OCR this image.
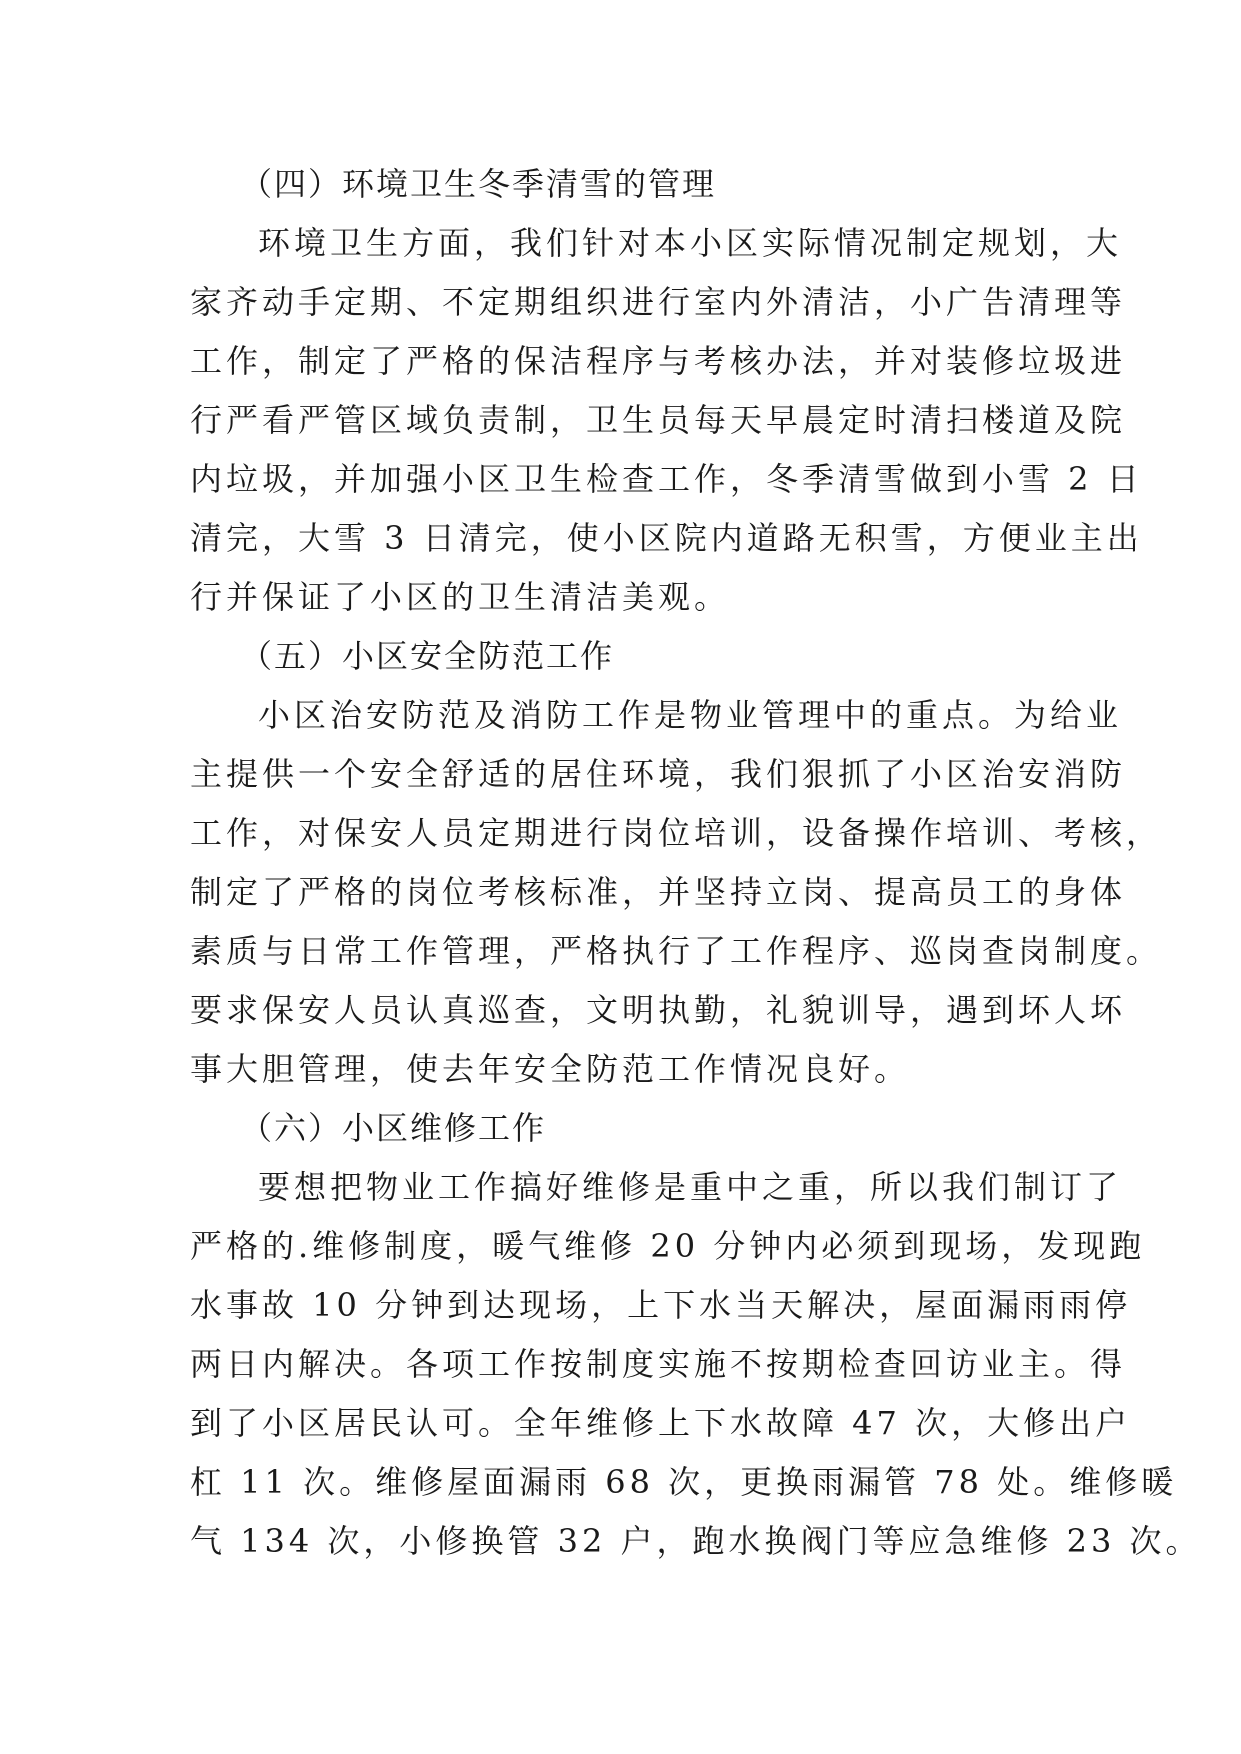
（四）环境卫生冬季清雪的管理
环境卫生方面，我们针对本小区实际情况制定规划，大
家齐动手定期、不定期组织进行室内外清洁，小广告清理等
工作，制定了严格的保洁程序与考核办法，并对装修垃圾进
行严看严管区域负责制，卫生员每天早晨定时清扫楼道及院
内垃圾，并加强小区卫生检查工作，冬季清雪做到小雪 2 日
清完，大雪 3 日清完，使小区院内道路无积雪，方便业主出
行并保证了小区的卫生清洁美观。
（五）小区安全防范工作
小区治安防范及消防工作是物业管理中的重点。为给业
主提供一个安全舒适的居住环境，我们狠抓了小区治安消防
工作，对保安人员定期进行岗位培训，设备操作培训、考核，
制定了严格的岗位考核标准，并坚持立岗、提高员工的身体
素质与日常工作管理，严格执行了工作程序、巡岗查岗制度。
要求保安人员认真巡查，文明执勤，礼貌训导，遇到坏人坏
事大胆管理，使去年安全防范工作情况良好。
（六）小区维修工作
要想把物业工作搞好维修是重中之重，所以我们制订了
严格的.维修制度，暖气维修 20 分钟内必须到现场，发现跑
水事故 10 分钟到达现场，上下水当天解决，屋面漏雨雨停
两日内解决。各项工作按制度实施不按期检查回访业主。得
到了小区居民认可。全年维修上下水故障 47 次，大修出户
杠 11 次。维修屋面漏雨 68 次，更换雨漏管 78 处。维修暖
气 134 次，小修换管 32 户，跑水换阀门等应急维修 23 次。
